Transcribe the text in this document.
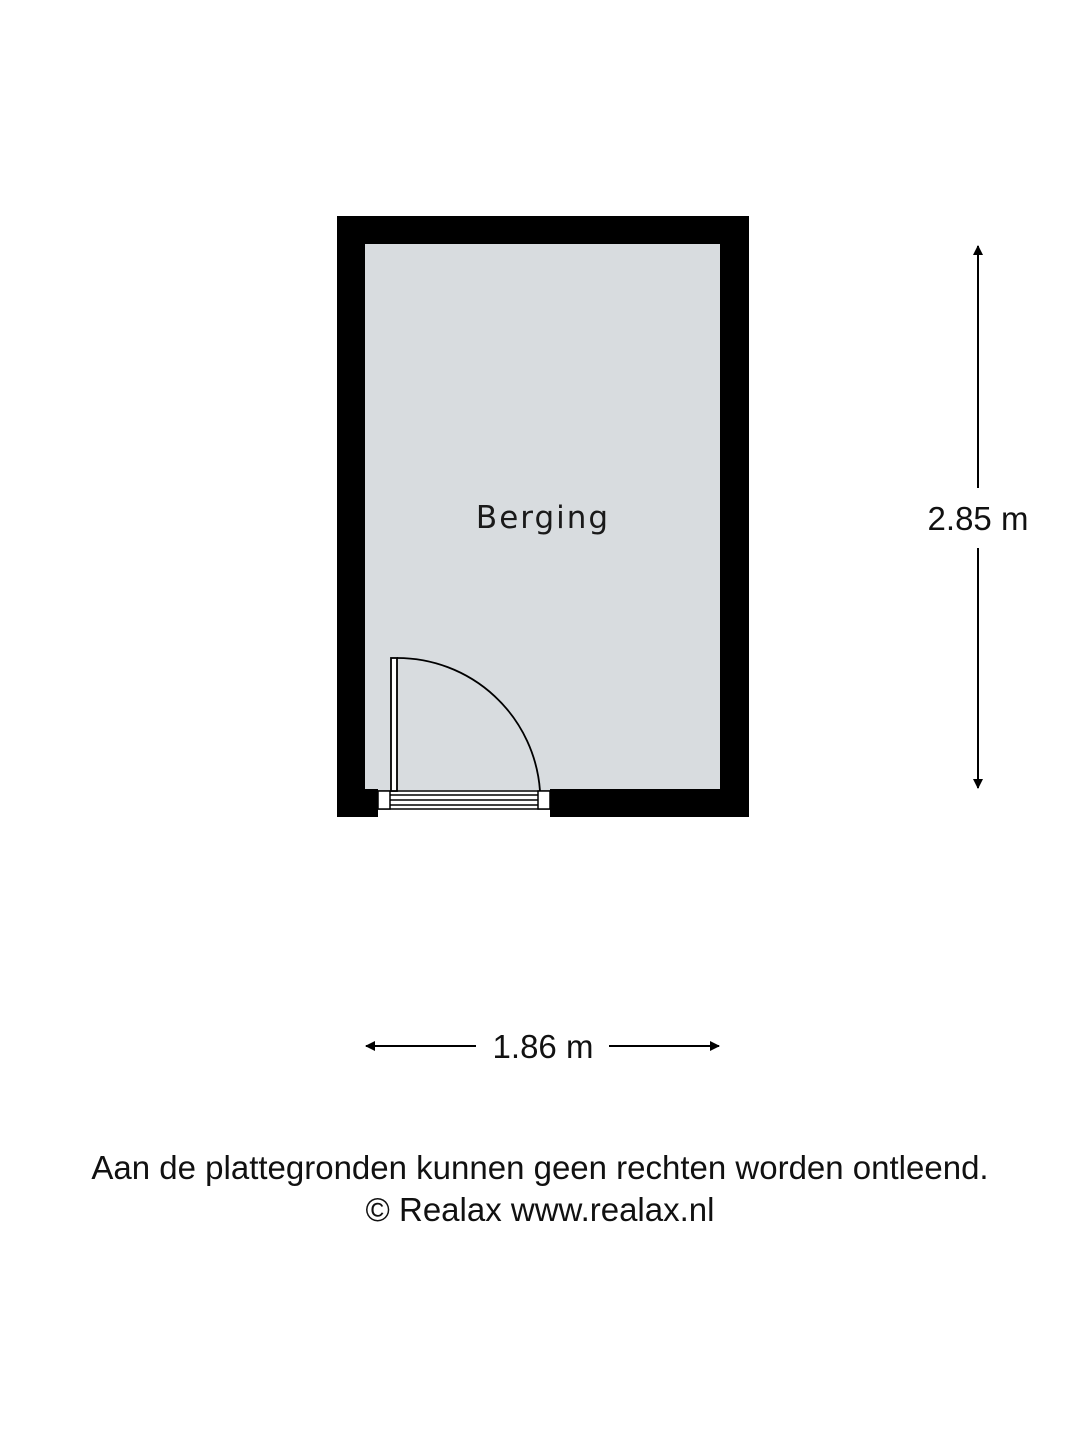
Berging	2.85 m
1.86 m
Aan de plattegronden kunnen geen rechten worden ontleend.
© Realax www.realax.nl
